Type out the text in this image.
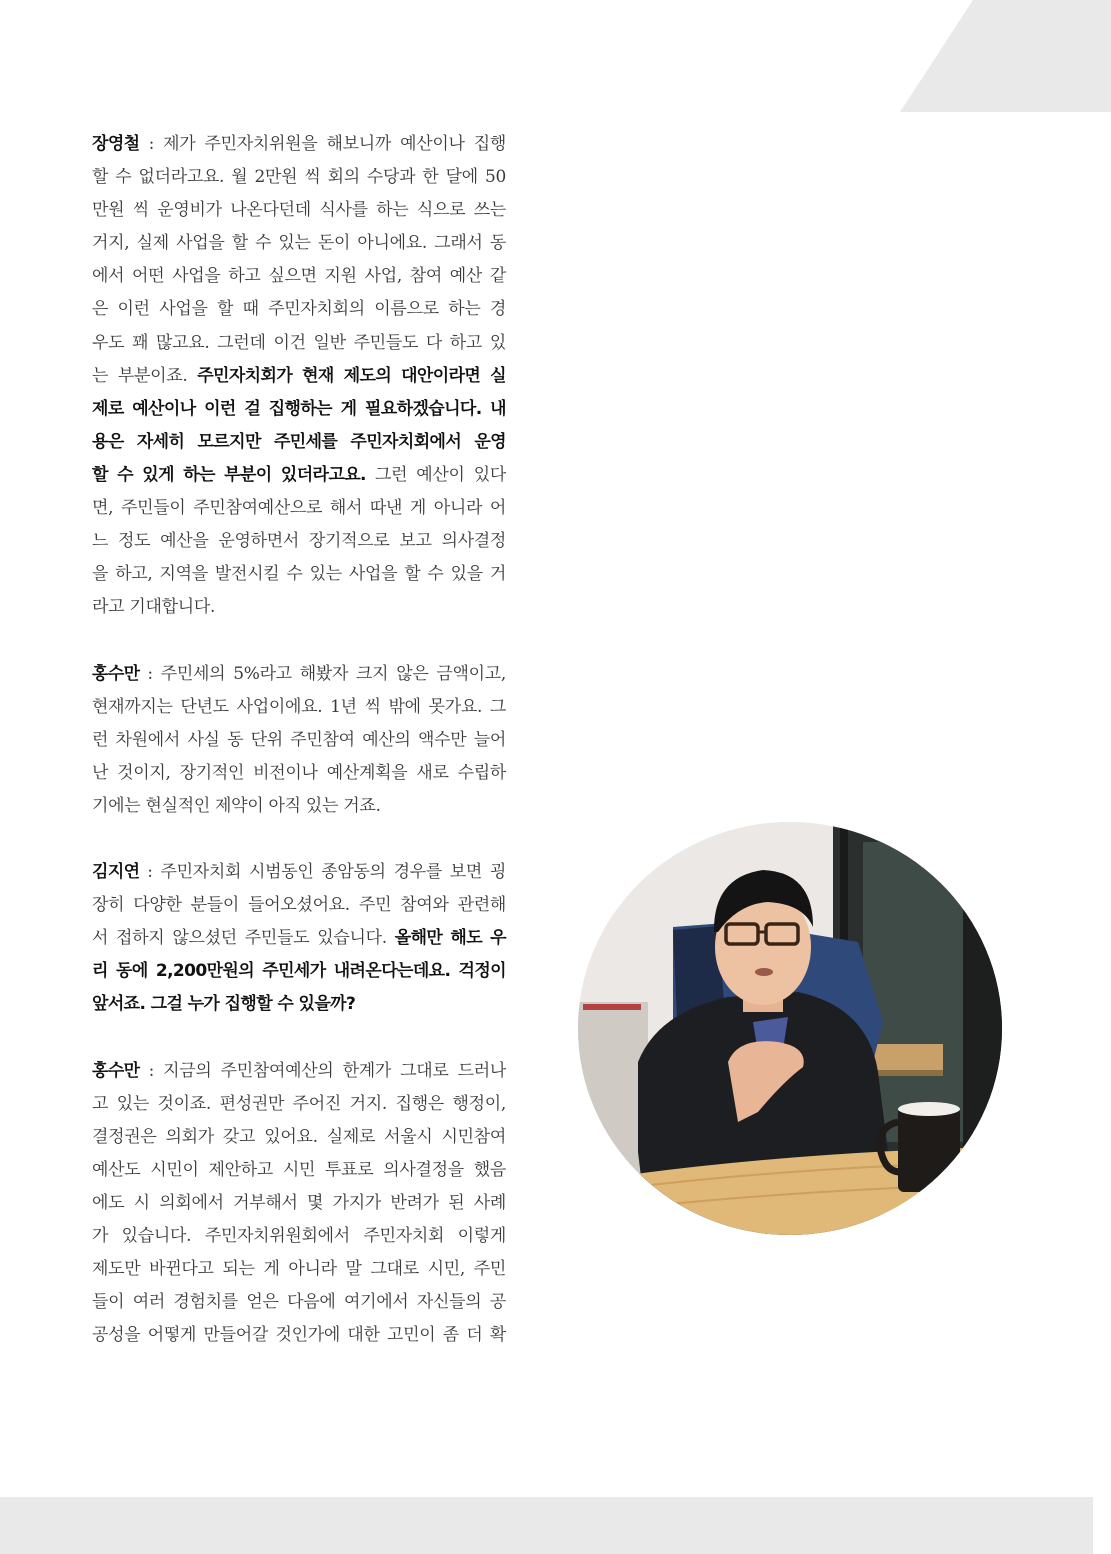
장영철 : 제가 주민자치위원을 해보니까 예산이나 집행
할 수 없더라고요. 월 2만원 씩 회의 수당과 한 달에 50
만원 씩 운영비가 나온다던데 식사를 하는 식으로 쓰는
거지, 실제 사업을 할 수 있는 돈이 아니에요. 그래서 동
에서 어떤 사업을 하고 싶으면 지원 사업, 참여 예산 같
은 이런 사업을 할 때 주민자치회의 이름으로 하는 경
우도 꽤 많고요. 그런데 이건 일반 주민들도 다 하고 있
는 부분이죠. 주민자치회가 현재 제도의 대안이라면 실
제로 예산이나 이런 걸 집행하는 게 필요하겠습니다. 내
용은 자세히 모르지만 주민세를 주민자치회에서 운영
할 수 있게 하는 부분이 있더라고요. 그런 예산이 있다
면, 주민들이 주민참여예산으로 해서 따낸 게 아니라 어
느 정도 예산을 운영하면서 장기적으로 보고 의사결정
을 하고, 지역을 발전시킬 수 있는 사업을 할 수 있을 거
라고 기대합니다.
홍수만 : 주민세의 5%라고 해봤자 크지 않은 금액이고,
현재까지는 단년도 사업이에요. 1년 씩 밖에 못가요. 그
런 차원에서 사실 동 단위 주민참여 예산의 액수만 늘어
난 것이지, 장기적인 비전이나 예산계획을 새로 수립하
기에는 현실적인 제약이 아직 있는 거죠.
김지연 : 주민자치회 시범동인 종암동의 경우를 보면 굉
장히 다양한 분들이 들어오셨어요. 주민 참여와 관련해
서 접하지 않으셨던 주민들도 있습니다. 올해만 해도 우
리 동에 2,200만원의 주민세가 내려온다는데요. 걱정이
앞서죠. 그걸 누가 집행할 수 있을까?
홍수만 : 지금의 주민참여예산의 한계가 그대로 드러나
고 있는 것이죠. 편성권만 주어진 거지. 집행은 행정이,
결정권은 의회가 갖고 있어요. 실제로 서울시 시민참여
예산도 시민이 제안하고 시민 투표로 의사결정을 했음
에도 시 의회에서 거부해서 몇 가지가 반려가 된 사례
가 있습니다. 주민자치위원회에서 주민자치회 이렇게
제도만 바뀐다고 되는 게 아니라 말 그대로 시민, 주민
들이 여러 경험치를 얻은 다음에 여기에서 자신들의 공
공성을 어떻게 만들어갈 것인가에 대한 고민이 좀 더 확
